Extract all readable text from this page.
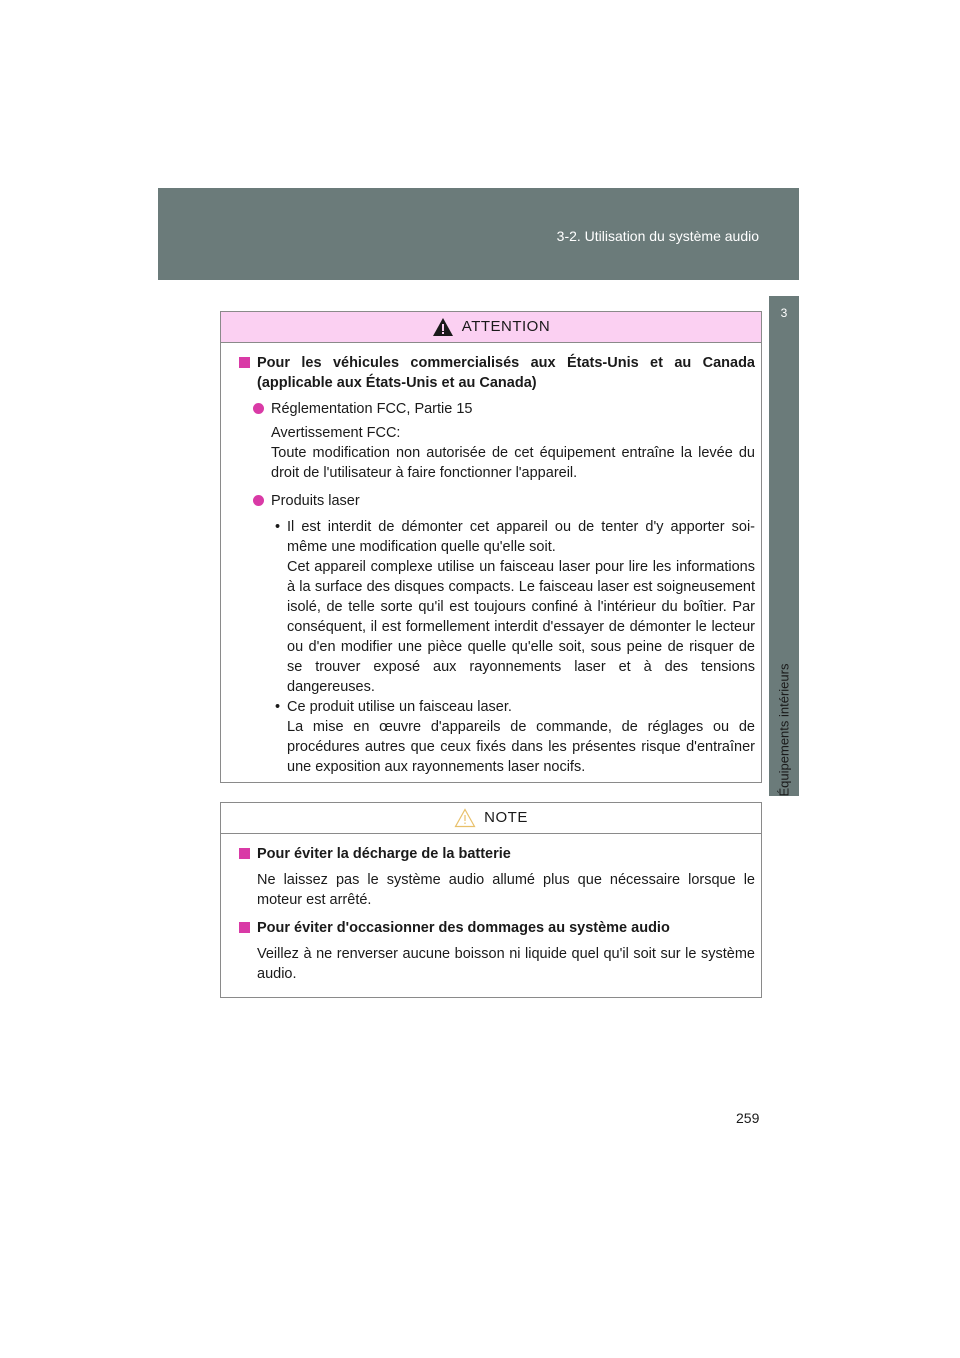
3-2. Utilisation du système audio
3
Équipements intérieurs
ATTENTION
Pour les véhicules commercialisés aux États-Unis et au Canada (applicable aux États-Unis et au Canada)
Réglementation FCC, Partie 15
Avertissement FCC:
Toute modification non autorisée de cet équipement entraîne la levée du droit de l'utilisateur à faire fonctionner l'appareil.
Produits laser
• Il est interdit de démonter cet appareil ou de tenter d'y apporter soi-même une modification quelle qu'elle soit.
Cet appareil complexe utilise un faisceau laser pour lire les informations à la surface des disques compacts. Le faisceau laser est soigneusement isolé, de telle sorte qu'il est toujours confiné à l'intérieur du boîtier. Par conséquent, il est formellement interdit d'essayer de démonter le lecteur ou d'en modifier une pièce quelle qu'elle soit, sous peine de risquer de se trouver exposé aux rayonnements laser et à des tensions dangereuses.
• Ce produit utilise un faisceau laser.
La mise en œuvre d'appareils de commande, de réglages ou de procédures autres que ceux fixés dans les présentes risque d'entraîner une exposition aux rayonnements laser nocifs.
NOTE
Pour éviter la décharge de la batterie
Ne laissez pas le système audio allumé plus que nécessaire lorsque le moteur est arrêté.
Pour éviter d'occasionner des dommages au système audio
Veillez à ne renverser aucune boisson ni liquide quel qu'il soit sur le système audio.
259
